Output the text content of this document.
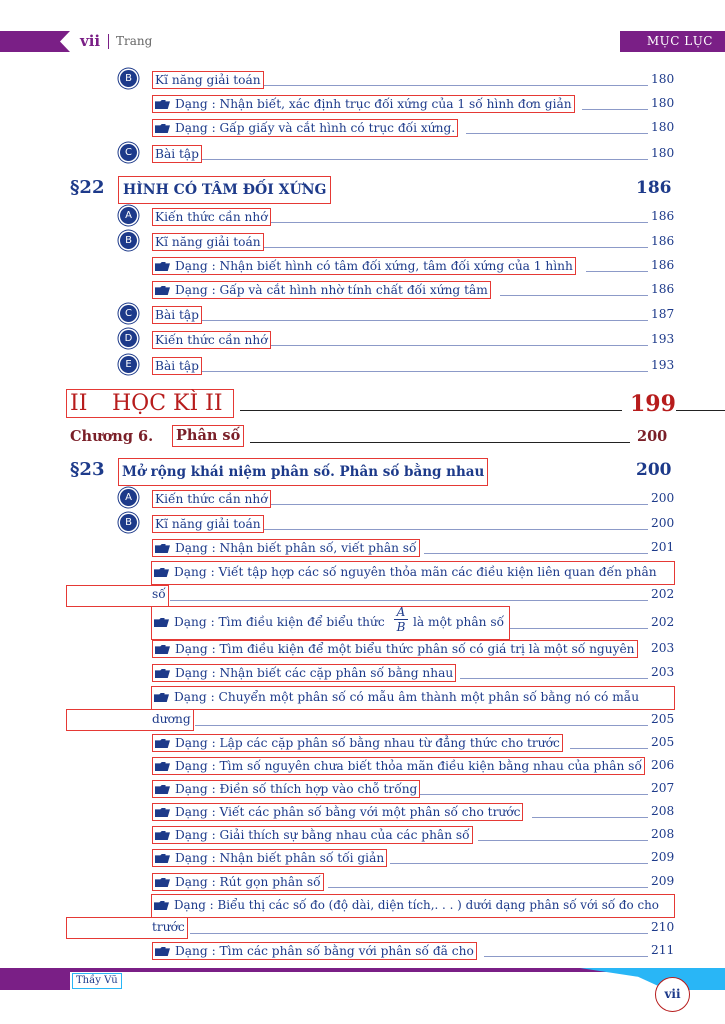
vii Trang	MỤC LỤC
B	Kĩ năng giải toán	180
Dạng : Nhận biết, xác định trục đối xứng của 1 số hình đơn giản	180
Dạng : Gấp giấy và cắt hình có trục đối xứng.	180
C	Bài tập	180
§22	HÌNH CÓ TÂM ĐỐI XỨNG	186
A	Kiến thức cần nhớ	186
B	Kĩ năng giải toán	186
Dạng : Nhận biết hình có tâm đối xứng, tâm đối xứng của 1 hình	186
Dạng : Gấp và cắt hình nhờ tính chất đối xứng tâm	186
C	Bài tập	187
D	Kiến thức cần nhớ	193
E	Bài tập	193
II HỌC KÌ II	199
Chương 6. Phân số	200
§23 Mở rộng khái niệm phân số. Phân số bằng nhau	200
A	Kiến thức cần nhớ	200
B	Kĩ năng giải toán	200
Dạng : Nhận biết phân số, viết phân số	201
Dạng : Viết tập hợp các số nguyên thỏa mãn các điều kiện liên quan đến phân
số	202
Dạng : Tìm điều kiện để biểu thức $\frac{A}{B}$ là một phân số	202
Dạng : Tìm điều kiện để một biểu thức phân số có giá trị là một số nguyên 203
Dạng : Nhận biết các cặp phân số bằng nhau	203
Dạng : Chuyển một phân số có mẫu âm thành một phân số bằng nó có mẫu
dương	205
Dạng : Lập các cặp phân số bằng nhau từ đẳng thức cho trước	205
Dạng : Tìm số nguyên chưa biết thỏa mãn điều kiện bằng nhau của phân số 206
Dạng : Điền số thích hợp vào chỗ trống	207
Dạng : Viết các phân số bằng với một phân số cho trước	208
Dạng : Giải thích sự bằng nhau của các phân số	208
Dạng : Nhận biết phân số tối giản	209
Dạng : Rút gọn phân số	209
Dạng : Biểu thị các số đo (độ dài, diện tích,. . . ) dưới dạng phân số với số đo cho
trước	210
Dạng : Tìm các phân số bằng với phân số đã cho	211
Thầy Vũ
vii
